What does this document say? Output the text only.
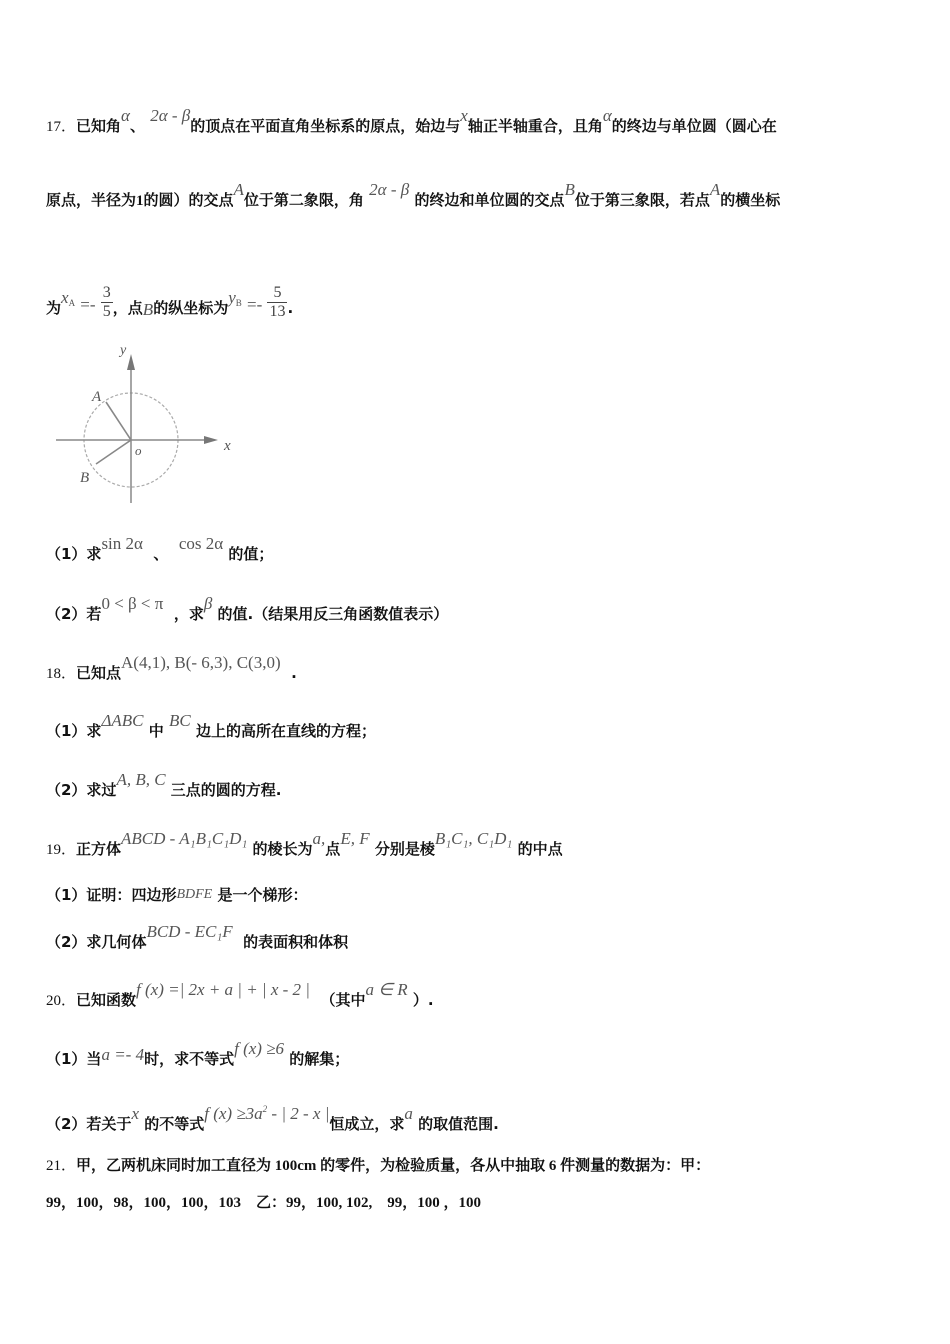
17．已知角α、 2α - β的顶点在平面直角坐标系的原点，始边与x轴正半轴重合，且角α的终边与单位圆（圆心在
原点，半径为1的圆）的交点A位于第二象限，角 2α - β 的终边和单位圆的交点B位于第三象限，若点A的横坐标
为$x_A =- \frac{3}{5}$ ，点B的纵坐标为$y_B =- \frac{5}{13}$ .
y
x
o
A
B
（1）求sin 2α  、  cos 2α 的值；
（2）若0 < β < π  ，求β 的值.（结果用反三角函数值表示）
18．已知点A(4,1), B(- 6,3), C(3,0)  .
（1）求ΔABC 中 BC 边上的高所在直线的方程；
（2）求过A, B, C 三点的圆的方程.
19．正方体ABCD - A₁B₁C₁D₁ 的棱长为a,点E, F 分别是棱B₁C₁, C₁D₁ 的中点
（1）证明：四边形BDFE 是一个梯形：
（2）求几何体BCD - EC₁F  的表面积和体积
20．已知函数f (x) =| 2x + a | + | x - 2 |  （其中a ∈ R ）.
（1）当a =- 4时，求不等式f (x) ≥6 的解集；
（2）若关于x 的不等式f $(x) \ge 3a^2$ - | 2 - x |恒成立，求a 的取值范围.
21．甲，乙两机床同时加工直径为 100cm 的零件，为检验质量，各从中抽取 6 件测量的数据为：甲：
99，100，98，100，100，103　乙：99，100, 102,　99，100 ，100
